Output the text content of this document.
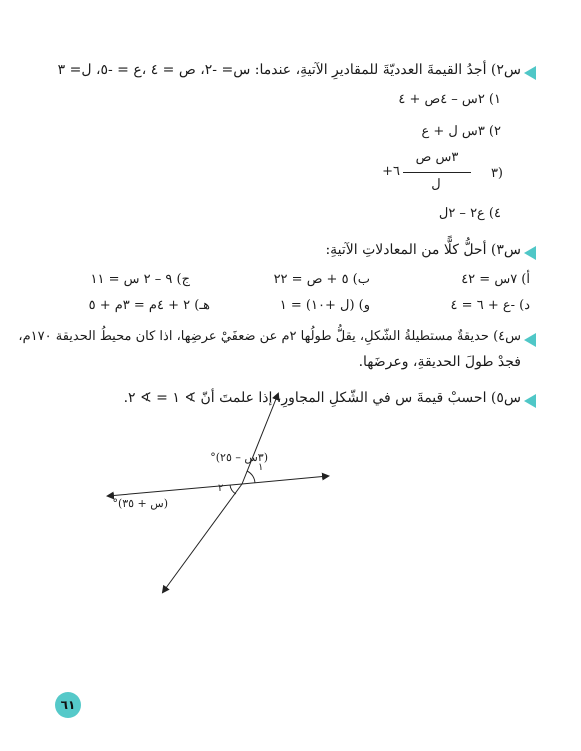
س٢) أجدُ القيمةَ العدديّةَ للمقاديرِ الآتيةِ، عندما: س= -٢، ص = ٤ ،ع = -٥، ل= ٣
١) ٢س – ٤ص + ٤
٢) ٣س ل + ع
٣)
٣س ص
ل
+٦
٤) ع٢ – ٢ل
س٣) أحلُّ كلًّا من المعادلاتِ الآتيةِ:
أ) ٧س = ٤٢
ب) ٥ + ص = ٢٢
ج) ٩ – ٢ س = ١١
د) -ع + ٦ = ٤
و) (ل +١٠) = ١
هـ) ٢ + ٤م = ٣م + ٥
س٤) حديقةٌ مستطيلةُ الشّكلِ، يقلُّ طولُها ٢م عن ضعفَيْ عرضِها، اذا كان محيطُ الحديقة ١٧٠م،
فجدْ طولَ الحديقةِ، وعرضَها.
س٥) احسبْ قيمةَ س في الشّكلِ المجاورِ، إذا علمتَ أنّ ∢ ١ = ∢ ٢.
١
٢
(٣س – ٢٥)°
(س + ٣٥)°
٦١
